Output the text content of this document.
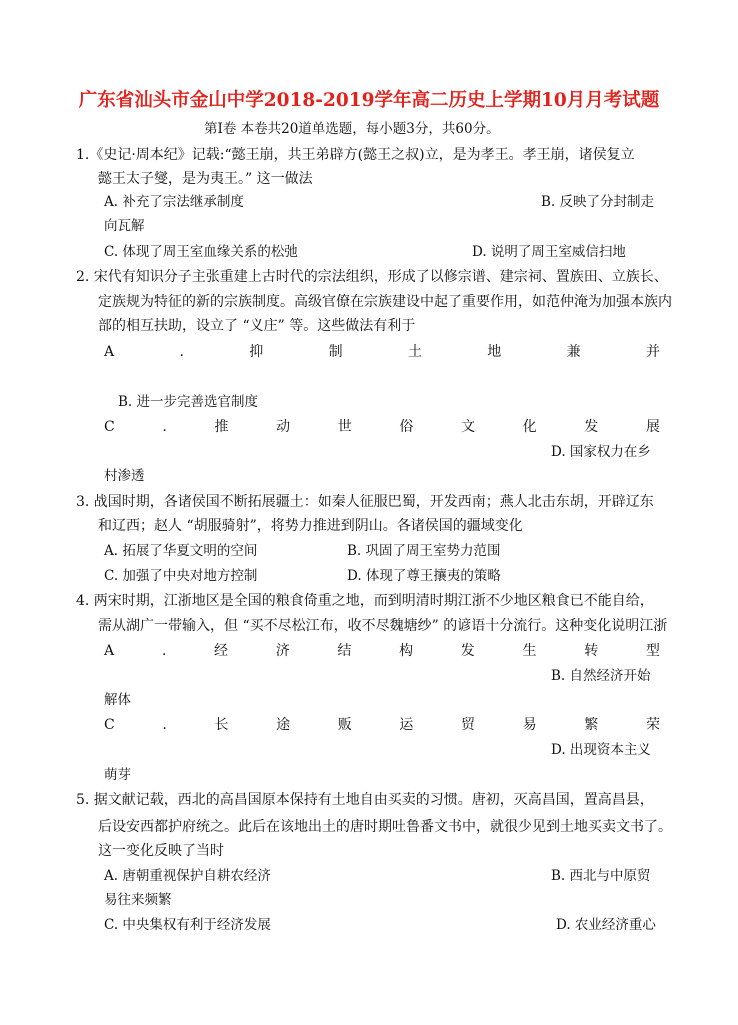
广东省汕头市金山中学2018-2019学年高二历史上学期10月月考试题
第Ⅰ卷 本卷共20道单选题，每小题3分，共60分。
1.《史记·周本纪》记载:“懿王崩，共王弟辟方(懿王之叔)立，是为孝王。孝王崩，诸侯复立
懿王太子燮，是为夷王。” 这一做法
A. 补充了宗法继承制度	B. 反映了分封制走
向瓦解
C. 体现了周王室血缘关系的松弛	D. 说明了周王室威信扫地
2. 宋代有知识分子主张重建上古时代的宗法组织，形成了以修宗谱、建宗祠、置族田、立族长、
定族规为特征的新的宗族制度。高级官僚在宗族建设中起了重要作用，如范仲淹为加强本族内
部的相互扶助，设立了 “义庄” 等。这些做法有利于
A	.	抑	制	土	地	兼	并
B. 进一步完善选官制度
C	.	推	动	世	俗	文	化	发	展
D. 国家权力在乡
村渗透
3. 战国时期，各诸侯国不断拓展疆土：如秦人征服巴蜀，开发西南；燕人北击东胡，开辟辽东
和辽西；赵人 “胡服骑射”，将势力推进到阴山。各诸侯国的疆域变化
A. 拓展了华夏文明的空间	B. 巩固了周王室势力范围
C. 加强了中央对地方控制	D. 体现了尊王攘夷的策略
4. 两宋时期，江浙地区是全国的粮食倚重之地，而到明清时期江浙不少地区粮食已不能自给，
需从湖广一带输入，但 “买不尽松江布，收不尽魏塘纱” 的谚语十分流行。这种变化说明江浙
A	.	经	济	结	构	发	生	转	型
B. 自然经济开始
解体
C	.	长	途	贩	运	贸	易	繁	荣
D. 出现资本主义
萌芽
5. 据文献记载，西北的高昌国原本保持有土地自由买卖的习惯。唐初，灭高昌国，置高昌县，
后设安西都护府统之。此后在该地出土的唐时期吐鲁番文书中，就很少见到土地买卖文书了。
这一变化反映了当时
A. 唐朝重视保护自耕农经济	B. 西北与中原贸
易往来频繁
C. 中央集权有利于经济发展	D. 农业经济重心
